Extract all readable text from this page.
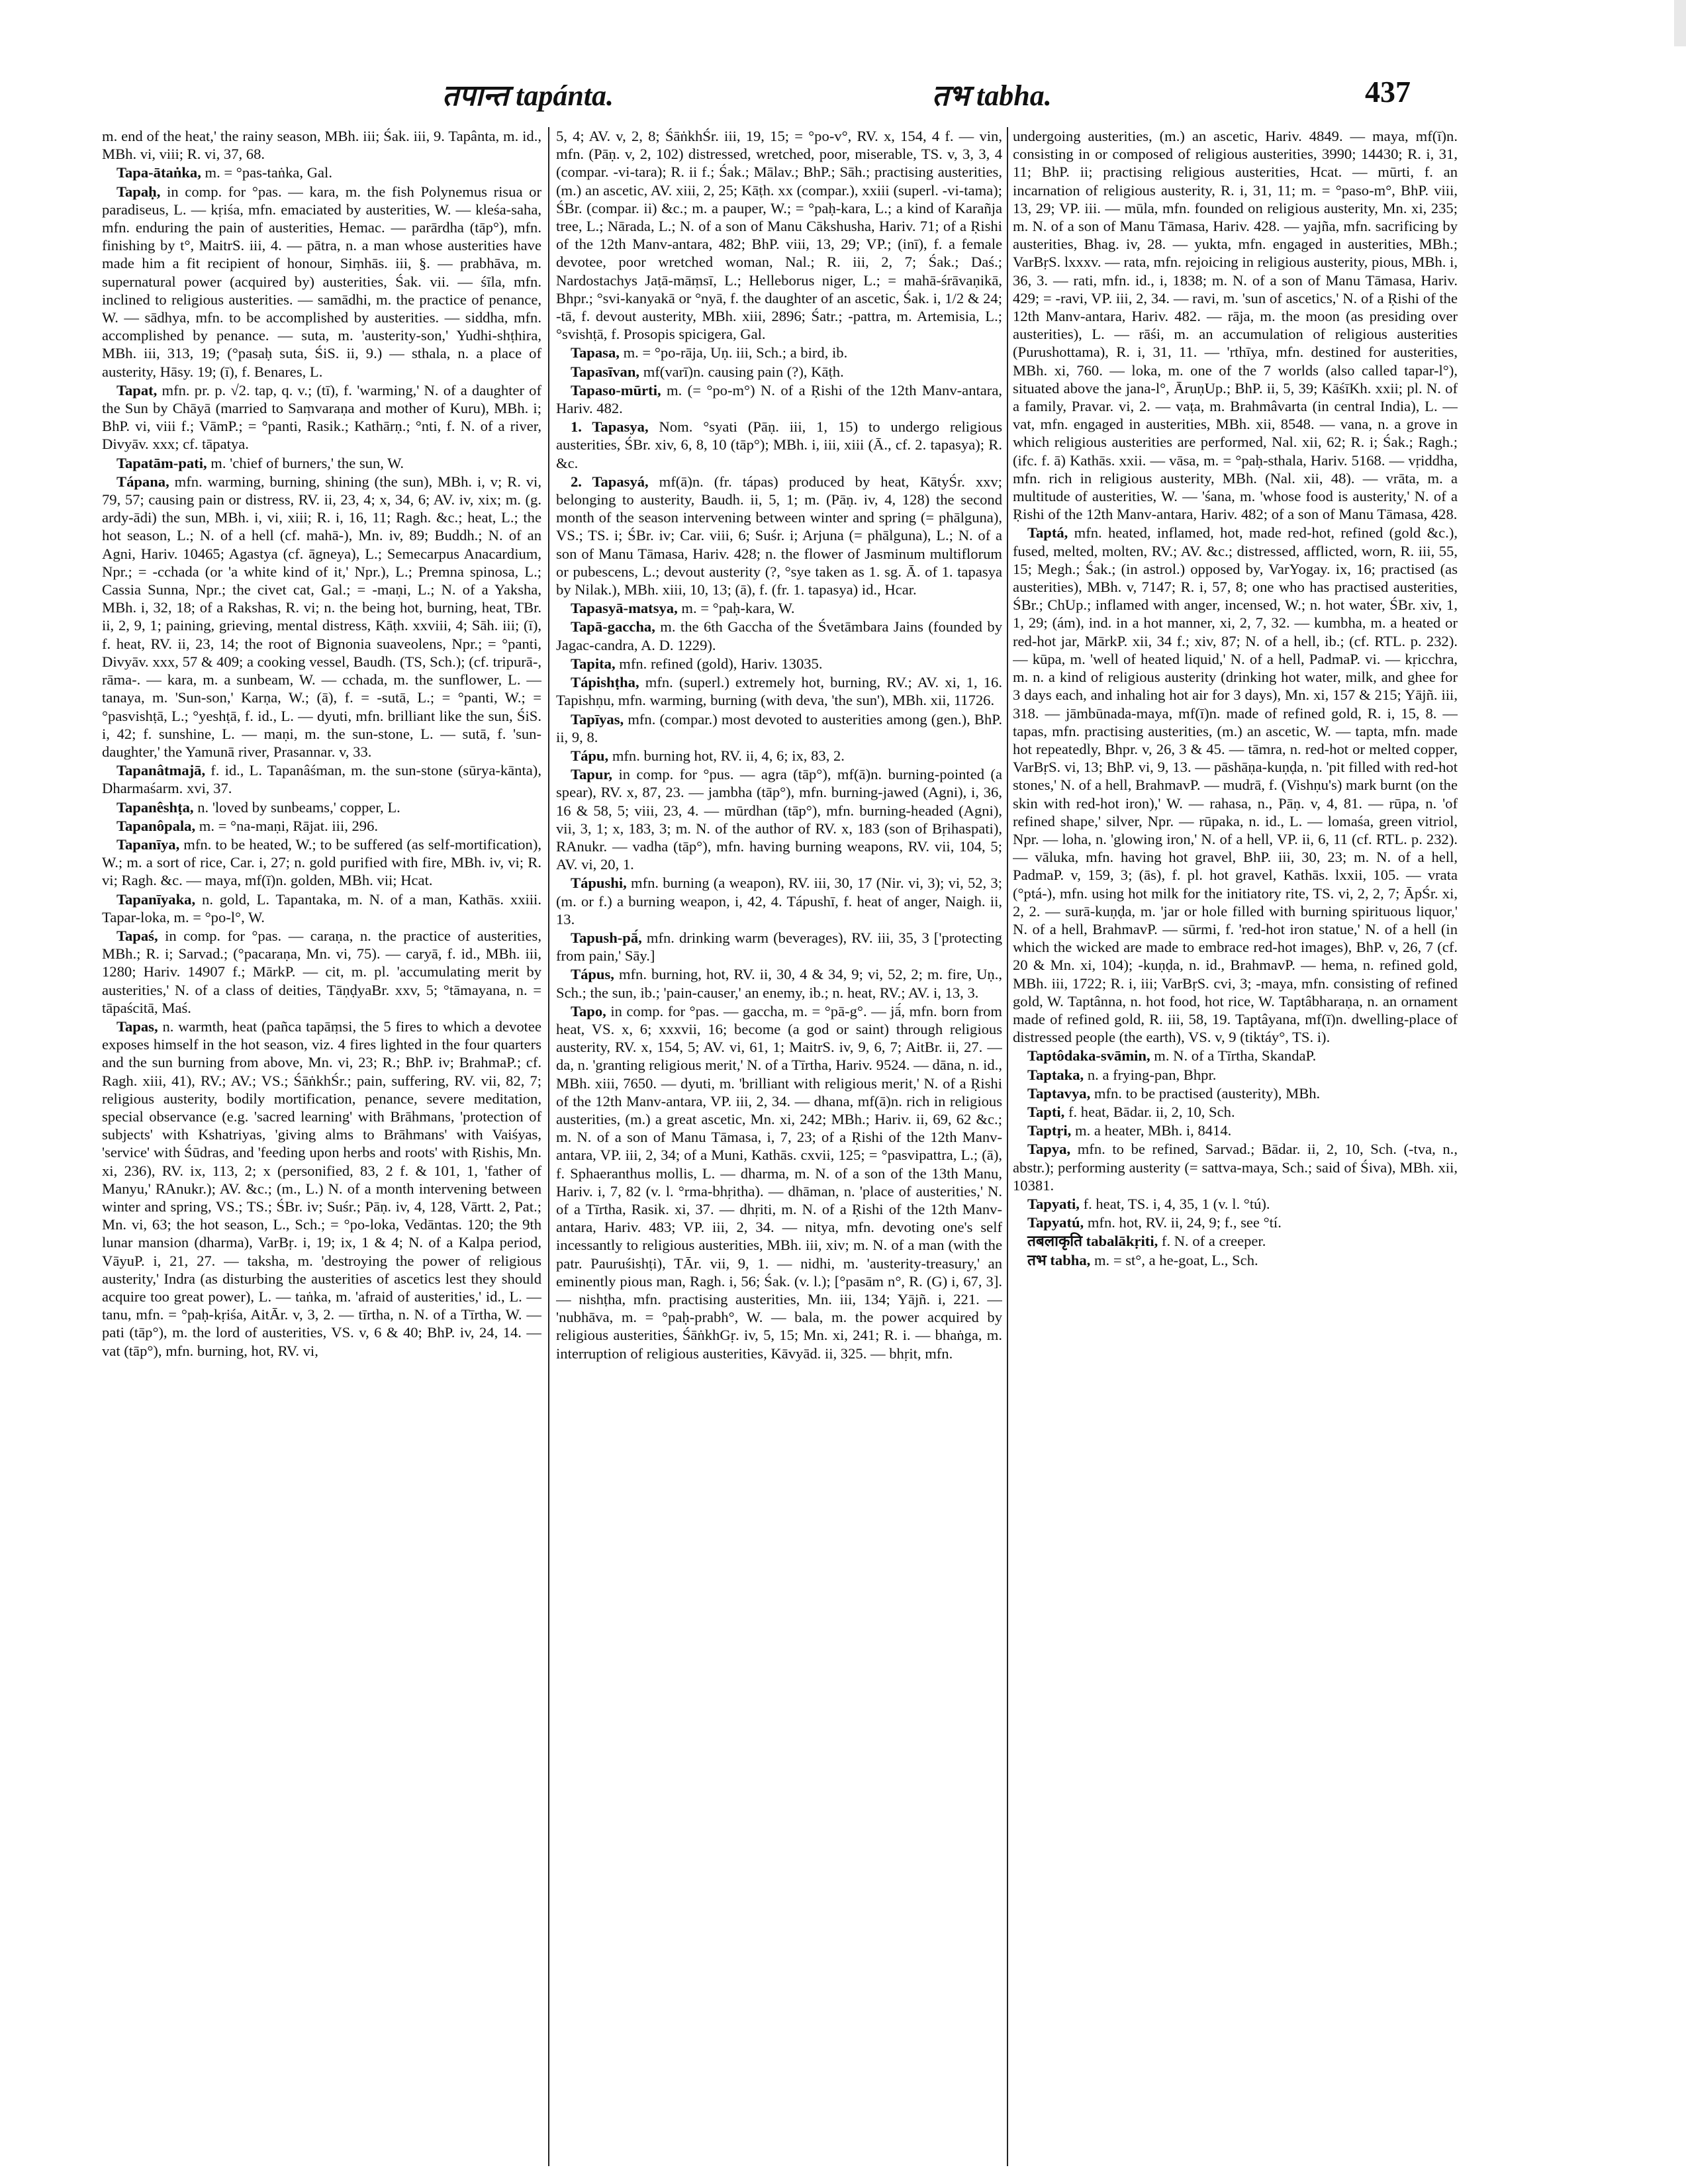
तपान्त tapánta.	तभ tabha.	437

m. end of the heat,' the rainy season, MBh. iii; Śak. iii, 9. Tapânta, m. id., MBh. vi, viii; R. vi, 37, 68.

Tapa-ātaṅka, m. = °pas-taṅka, Gal.

Tapaḥ, in comp. for °pas. — kara, m. the fish Polynemus risua or paradiseus, L. — kṛiśa, mfn. emaciated by austerities, W. — kleśa-saha, mfn. enduring the pain of austerities, Hemac. — parārdha (tāp°), mfn. finishing by t°, MaitrS. iii, 4. — pātra, n. a man whose austerities have made him a fit recipient of honour, Siṃhās. iii, §. — prabhāva, m. supernatural power (acquired by) austerities, Śak. vii. — śīla, mfn. inclined to religious austerities. — samādhi, m. the practice of penance, W. — sādhya, mfn. to be accomplished by austerities. — siddha, mfn. accomplished by penance. — suta, m. 'austerity-son,' Yudhi-shṭhira, MBh. iii, 313, 19; (°pasaḥ suta, ŚiS. ii, 9.) — sthala, n. a place of austerity, Hāsy. 19; (ī), f. Benares, L.

Tapat, mfn. pr. p. √2. tap, q. v.; (tī), f. 'warming,' N. of a daughter of the Sun by Chāyā (married to Saṃvaraṇa and mother of Kuru), MBh. i; BhP. vi, viii f.; VāmP.; = °panti, Rasik.; Kathārṇ.; °nti, f. N. of a river, Divyāv. xxx; cf. tāpatya.

Tapatām-pati, m. 'chief of burners,' the sun, W.

Tápana, mfn. warming, burning, shining (the sun), MBh. i, v; R. vi, 79, 57; causing pain or distress, RV. ii, 23, 4; x, 34, 6; AV. iv, xix; m. (g. ardy-ādi) the sun, MBh. i, vi, xiii; R. i, 16, 11; Ragh. &c.; heat, L.; the hot season, L.; N. of a hell (cf. mahā-), Mn. iv, 89; Buddh.; N. of an Agni, Hariv. 10465; Agastya (cf. āgneya), L.; Semecarpus Anacardium, Npr.; = -cchada (or 'a white kind of it,' Npr.), L.; Premna spinosa, L.; Cassia Sunna, Npr.; the civet cat, Gal.; = -maṇi, L.; N. of a Yaksha, MBh. i, 32, 18; of a Rakshas, R. vi; n. the being hot, burning, heat, TBr. ii, 2, 9, 1; paining, grieving, mental distress, Kāṭh. xxviii, 4; Sāh. iii; (ī), f. heat, RV. ii, 23, 14; the root of Bignonia suaveolens, Npr.; = °panti, Divyāv. xxx, 57 & 409; a cooking vessel, Baudh. (TS, Sch.); (cf. tripurā-, rāma-. — kara, m. a sunbeam, W. — cchada, m. the sunflower, L. — tanaya, m. 'Sun-son,' Karṇa, W.; (ā), f. = -sutā, L.; = °panti, W.; = °pasvishṭā, L.; °yeshṭā, f. id., L. — dyuti, mfn. brilliant like the sun, ŚiS. i, 42; f. sunshine, L. — maṇi, m. the sun-stone, L. — sutā, f. 'sun-daughter,' the Yamunā river, Prasannar. v, 33.

Tapanâtmajā, f. id., L. Tapanâśman, m. the sun-stone (sūrya-kānta), Dharmaśarm. xvi, 37.

Tapanêshṭa, n. 'loved by sunbeams,' copper, L.

Tapanôpala, m. = °na-maṇi, Rājat. iii, 296.

Tapanīya, mfn. to be heated, W.; to be suffered (as self-mortification), W.; m. a sort of rice, Car. i, 27; n. gold purified with fire, MBh. iv, vi; R. vi; Ragh. &c. — maya, mf(ī)n. golden, MBh. vii; Hcat.

Tapanīyaka, n. gold, L. Tapantaka, m. N. of a man, Kathās. xxiii. Tapar-loka, m. = °po-l°, W.

Tapaś, in comp. for °pas. — caraṇa, n. the practice of austerities, MBh.; R. i; Sarvad.; (°pacaraṇa, Mn. vi, 75). — caryā, f. id., MBh. iii, 1280; Hariv. 14907 f.; MārkP. — cit, m. pl. 'accumulating merit by austerities,' N. of a class of deities, TāṇḍyaBr. xxv, 5; °tāmayana, n. = tāpaścitā, Maś.

Tapas, n. warmth, heat (pañca tapāṃsi, the 5 fires to which a devotee exposes himself in the hot season, viz. 4 fires lighted in the four quarters and the sun burning from above, Mn. vi, 23; R.; BhP. iv; BrahmaP.; cf. Ragh. xiii, 41), RV.; AV.; VS.; ŚāṅkhŚr.; pain, suffering, RV. vii, 82, 7; religious austerity, bodily mortification, penance, severe meditation, special observance (e.g. 'sacred learning' with Brāhmans, 'protection of subjects' with Kshatriyas, 'giving alms to Brāhmans' with Vaiśyas, 'service' with Śūdras, and 'feeding upon herbs and roots' with Ṛishis, Mn. xi, 236), RV. ix, 113, 2; x (personified, 83, 2 f. & 101, 1, 'father of Manyu,' RAnukr.); AV. &c.; (m., L.) N. of a month intervening between winter and spring, VS.; TS.; ŚBr. iv; Suśr.; Pāṇ. iv, 4, 128, Vārtt. 2, Pat.; Mn. vi, 63; the hot season, L., Sch.; = °po-loka, Vedāntas. 120; the 9th lunar mansion (dharma), VarBṛ. i, 19; ix, 1 & 4; N. of a Kalpa period, VāyuP. i, 21, 27. — taksha, m. 'destroying the power of religious austerity,' Indra (as disturbing the austerities of ascetics lest they should acquire too great power), L. — taṅka, m. 'afraid of austerities,' id., L. — tanu, mfn. = °paḥ-kṛiśa, AitĀr. v, 3, 2. — tīrtha, n. N. of a Tīrtha, W. — pati (tāp°), m. the lord of austerities, VS. v, 6 & 40; BhP. iv, 24, 14. — vat (tāp°), mfn. burning, hot, RV. vi,

5, 4; AV. v, 2, 8; ŚāṅkhŚr. iii, 19, 15; = °po-v°, RV. x, 154, 4 f. — vin, mfn. (Pāṇ. v, 2, 102) distressed, wretched, poor, miserable, TS. v, 3, 3, 4 (compar. -vi-tara); R. ii f.; Śak.; Mālav.; BhP.; Sāh.; practising austerities, (m.) an ascetic, AV. xiii, 2, 25; Kāṭh. xx (compar.), xxiii (superl. -vi-tama); ŚBr. (compar. ii) &c.; m. a pauper, W.; = °paḥ-kara, L.; a kind of Karañja tree, L.; Nārada, L.; N. of a son of Manu Cākshusha, Hariv. 71; of a Ṛishi of the 12th Manv-antara, 482; BhP. viii, 13, 29; VP.; (inī), f. a female devotee, poor wretched woman, Nal.; R. iii, 2, 7; Śak.; Daś.; Nardostachys Jaṭā-māṃsī, L.; Helleborus niger, L.; = mahā-śrāvaṇikā, Bhpr.; °svi-kanyakā or °nyā, f. the daughter of an ascetic, Śak. i, 1/2 & 24; -tā, f. devout austerity, MBh. xiii, 2896; Śatr.; -pattra, m. Artemisia, L.; °svishṭā, f. Prosopis spicigera, Gal.

Tapasa, m. = °po-rāja, Uṇ. iii, Sch.; a bird, ib.

Tapasīvan, mf(varī)n. causing pain (?), Kāṭh.

Tapaso-mūrti, m. (= °po-m°) N. of a Ṛishi of the 12th Manv-antara, Hariv. 482.

1. Tapasya, Nom. °syati (Pāṇ. iii, 1, 15) to undergo religious austerities, ŚBr. xiv, 6, 8, 10 (tāp°); MBh. i, iii, xiii (Ā., cf. 2. tapasya); R. &c.

2. Tapasyá, mf(ā)n. (fr. tápas) produced by heat, KātyŚr. xxv; belonging to austerity, Baudh. ii, 5, 1; m. (Pāṇ. iv, 4, 128) the second month of the season intervening between winter and spring (= phālguna), VS.; TS. i; ŚBr. iv; Car. viii, 6; Suśr. i; Arjuna (= phālguna), L.; N. of a son of Manu Tāmasa, Hariv. 428; n. the flower of Jasminum multiflorum or pubescens, L.; devout austerity (?, °sye taken as 1. sg. Ā. of 1. tapasya by Nilak.), MBh. xiii, 10, 13; (ā), f. (fr. 1. tapasya) id., Hcar.

Tapasyā-matsya, m. = °paḥ-kara, W.

Tapā-gaccha, m. the 6th Gaccha of the Śvetāmbara Jains (founded by Jagac-candra, A. D. 1229).

Tapita, mfn. refined (gold), Hariv. 13035.

Tápishṭha, mfn. (superl.) extremely hot, burning, RV.; AV. xi, 1, 16. Tapishṇu, mfn. warming, burning (with deva, 'the sun'), MBh. xii, 11726.

Tapīyas, mfn. (compar.) most devoted to austerities among (gen.), BhP. ii, 9, 8.

Tápu, mfn. burning hot, RV. ii, 4, 6; ix, 83, 2.

Tapur, in comp. for °pus. — agra (tāp°), mf(ā)n. burning-pointed (a spear), RV. x, 87, 23. — jambha (tāp°), mfn. burning-jawed (Agni), i, 36, 16 & 58, 5; viii, 23, 4. — mūrdhan (tāp°), mfn. burning-headed (Agni), vii, 3, 1; x, 183, 3; m. N. of the author of RV. x, 183 (son of Bṛihaspati), RAnukr. — vadha (tāp°), mfn. having burning weapons, RV. vii, 104, 5; AV. vi, 20, 1.

Tápushi, mfn. burning (a weapon), RV. iii, 30, 17 (Nir. vi, 3); vi, 52, 3; (m. or f.) a burning weapon, i, 42, 4. Tápushī, f. heat of anger, Naigh. ii, 13.

Tapush-pā́, mfn. drinking warm (beverages), RV. iii, 35, 3 ['protecting from pain,' Sāy.]

Tápus, mfn. burning, hot, RV. ii, 30, 4 & 34, 9; vi, 52, 2; m. fire, Uṇ., Sch.; the sun, ib.; 'pain-causer,' an enemy, ib.; n. heat, RV.; AV. i, 13, 3.

Tapo, in comp. for °pas. — gaccha, m. = °pā-g°. — jā́, mfn. born from heat, VS. x, 6; xxxvii, 16; become (a god or saint) through religious austerity, RV. x, 154, 5; AV. vi, 61, 1; MaitrS. iv, 9, 6, 7; AitBr. ii, 27. — da, n. 'granting religious merit,' N. of a Tīrtha, Hariv. 9524. — dāna, n. id., MBh. xiii, 7650. — dyuti, m. 'brilliant with religious merit,' N. of a Ṛishi of the 12th Manv-antara, VP. iii, 2, 34. — dhana, mf(ā)n. rich in religious austerities, (m.) a great ascetic, Mn. xi, 242; MBh.; Hariv. ii, 69, 62 &c.; m. N. of a son of Manu Tāmasa, i, 7, 23; of a Ṛishi of the 12th Manv-antara, VP. iii, 2, 34; of a Muni, Kathās. cxvii, 125; = °pasvipattra, L.; (ā), f. Sphaeranthus mollis, L. — dharma, m. N. of a son of the 13th Manu, Hariv. i, 7, 82 (v. l. °rma-bhṛitha). — dhāman, n. 'place of austerities,' N. of a Tīrtha, Rasik. xi, 37. — dhṛiti, m. N. of a Ṛishi of the 12th Manv-antara, Hariv. 483; VP. iii, 2, 34. — nitya, mfn. devoting one's self incessantly to religious austerities, MBh. iii, xiv; m. N. of a man (with the patr. Pauruśishṭi), TĀr. vii, 9, 1. — nidhi, m. 'austerity-treasury,' an eminently pious man, Ragh. i, 56; Śak. (v. l.); [°pasām n°, R. (G) i, 67, 3]. — nishṭha, mfn. practising austerities, Mn. iii, 134; Yājñ. i, 221. — 'nubhāva, m. = °paḥ-prabh°, W. — bala, m. the power acquired by religious austerities, ŚāṅkhGṛ. iv, 5, 15; Mn. xi, 241; R. i. — bhaṅga, m. interruption of religious austerities, Kāvyād. ii, 325. — bhṛit, mfn.

undergoing austerities, (m.) an ascetic, Hariv. 4849. — maya, mf(ī)n. consisting in or composed of religious austerities, 3990; 14430; R. i, 31, 11; BhP. ii; practising religious austerities, Hcat. — mūrti, f. an incarnation of religious austerity, R. i, 31, 11; m. = °paso-m°, BhP. viii, 13, 29; VP. iii. — mūla, mfn. founded on religious austerity, Mn. xi, 235; m. N. of a son of Manu Tāmasa, Hariv. 428. — yajña, mfn. sacrificing by austerities, Bhag. iv, 28. — yukta, mfn. engaged in austerities, MBh.; VarBṛS. lxxxv. — rata, mfn. rejoicing in religious austerity, pious, MBh. i, 36, 3. — rati, mfn. id., i, 1838; m. N. of a son of Manu Tāmasa, Hariv. 429; = -ravi, VP. iii, 2, 34. — ravi, m. 'sun of ascetics,' N. of a Ṛishi of the 12th Manv-antara, Hariv. 482. — rāja, m. the moon (as presiding over austerities), L. — rāśi, m. an accumulation of religious austerities (Purushottama), R. i, 31, 11. — 'rthīya, mfn. destined for austerities, MBh. xi, 760. — loka, m. one of the 7 worlds (also called tapar-l°), situated above the jana-l°, ĀruṇUp.; BhP. ii, 5, 39; KāśīKh. xxii; pl. N. of a family, Pravar. vi, 2. — vaṭa, m. Brahmâvarta (in central India), L. — vat, mfn. engaged in austerities, MBh. xii, 8548. — vana, n. a grove in which religious austerities are performed, Nal. xii, 62; R. i; Śak.; Ragh.; (ifc. f. ā) Kathās. xxii. — vāsa, m. = °paḥ-sthala, Hariv. 5168. — vṛiddha, mfn. rich in religious austerity, MBh. (Nal. xii, 48). — vrāta, m. a multitude of austerities, W. — 'śana, m. 'whose food is austerity,' N. of a Ṛishi of the 12th Manv-antara, Hariv. 482; of a son of Manu Tāmasa, 428.

Taptá, mfn. heated, inflamed, hot, made red-hot, refined (gold &c.), fused, melted, molten, RV.; AV. &c.; distressed, afflicted, worn, R. iii, 55, 15; Megh.; Śak.; (in astrol.) opposed by, VarYogay. ix, 16; practised (as austerities), MBh. v, 7147; R. i, 57, 8; one who has practised austerities, ŚBr.; ChUp.; inflamed with anger, incensed, W.; n. hot water, ŚBr. xiv, 1, 1, 29; (ám), ind. in a hot manner, xi, 2, 7, 32. — kumbha, m. a heated or red-hot jar, MārkP. xii, 34 f.; xiv, 87; N. of a hell, ib.; (cf. RTL. p. 232). — kūpa, m. 'well of heated liquid,' N. of a hell, PadmaP. vi. — kṛicchra, m. n. a kind of religious austerity (drinking hot water, milk, and ghee for 3 days each, and inhaling hot air for 3 days), Mn. xi, 157 & 215; Yājñ. iii, 318. — jāmbūnada-maya, mf(ī)n. made of refined gold, R. i, 15, 8. — tapas, mfn. practising austerities, (m.) an ascetic, W. — tapta, mfn. made hot repeatedly, Bhpr. v, 26, 3 & 45. — tāmra, n. red-hot or melted copper, VarBṛS. vi, 13; BhP. vi, 9, 13. — pāshāṇa-kuṇḍa, n. 'pit filled with red-hot stones,' N. of a hell, BrahmavP. — mudrā, f. (Vishṇu's) mark burnt (on the skin with red-hot iron),' W. — rahasa, n., Pāṇ. v, 4, 81. — rūpa, n. 'of refined shape,' silver, Npr. — rūpaka, n. id., L. — lomaśa, green vitriol, Npr. — loha, n. 'glowing iron,' N. of a hell, VP. ii, 6, 11 (cf. RTL. p. 232). — vāluka, mfn. having hot gravel, BhP. iii, 30, 23; m. N. of a hell, PadmaP. v, 159, 3; (ās), f. pl. hot gravel, Kathās. lxxii, 105. — vrata (°ptá-), mfn. using hot milk for the initiatory rite, TS. vi, 2, 2, 7; ĀpŚr. xi, 2, 2. — surā-kuṇḍa, m. 'jar or hole filled with burning spirituous liquor,' N. of a hell, BrahmavP. — sūrmi, f. 'red-hot iron statue,' N. of a hell (in which the wicked are made to embrace red-hot images), BhP. v, 26, 7 (cf. 20 & Mn. xi, 104); -kuṇḍa, n. id., BrahmavP. — hema, n. refined gold, MBh. iii, 1722; R. i, iii; VarBṛS. cvi, 3; -maya, mfn. consisting of refined gold, W. Taptânna, n. hot food, hot rice, W. Taptâbharaṇa, n. an ornament made of refined gold, R. iii, 58, 19. Taptâyana, mf(ī)n. dwelling-place of distressed people (the earth), VS. v, 9 (tiktáy°, TS. i).

Taptôdaka-svāmin, m. N. of a Tīrtha, SkandaP.

Taptaka, n. a frying-pan, Bhpr.

Taptavya, mfn. to be practised (austerity), MBh.

Tapti, f. heat, Bādar. ii, 2, 10, Sch.

Taptṛi, m. a heater, MBh. i, 8414.

Tapya, mfn. to be refined, Sarvad.; Bādar. ii, 2, 10, Sch. (-tva, n., abstr.); performing austerity (= sattva-maya, Sch.; said of Śiva), MBh. xii, 10381.

Tapyati, f. heat, TS. i, 4, 35, 1 (v. l. °tú).

Tapyatú, mfn. hot, RV. ii, 24, 9; f., see °tí.

तबलाकृति tabalākṛiti, f. N. of a creeper.

तभ tabha, m. = st°, a he-goat, L., Sch.
